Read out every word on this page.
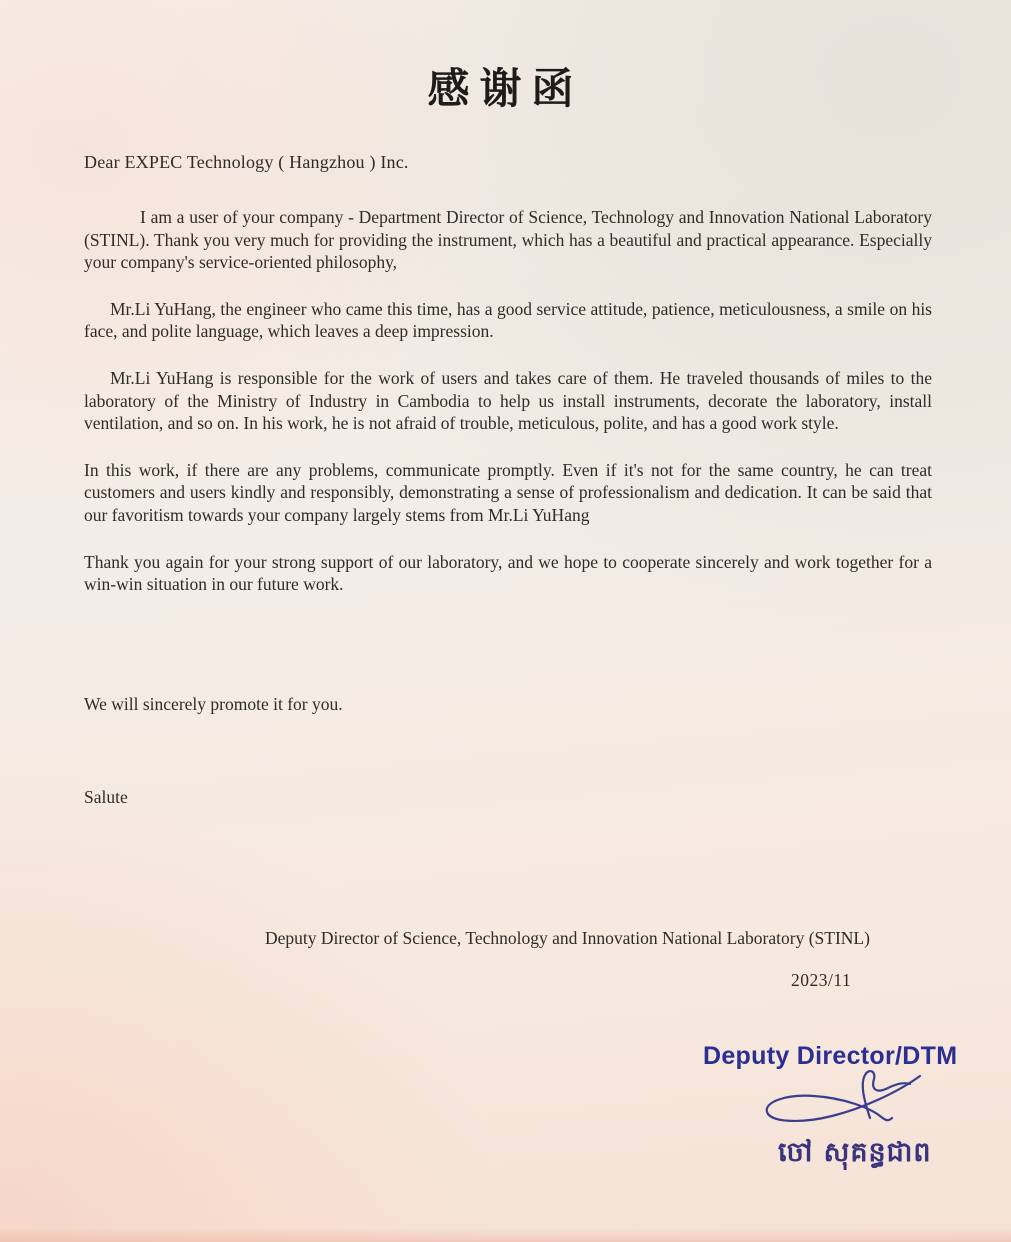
感谢函
Dear EXPEC Technology ( Hangzhou ) Inc.

I am a user of your company - Department Director of Science, Technology and Innovation National Laboratory (STINL). Thank you very much for providing the instrument, which has a beautiful and practical appearance. Especially your company's service-oriented philosophy,

Mr.Li YuHang, the engineer who came this time, has a good service attitude, patience, meticulousness, a smile on his face, and polite language, which leaves a deep impression.

Mr.Li YuHang is responsible for the work of users and takes care of them. He traveled thousands of miles to the laboratory of the Ministry of Industry in Cambodia to help us install instruments, decorate the laboratory, install ventilation, and so on. In his work, he is not afraid of trouble, meticulous, polite, and has a good work style.

In this work, if there are any problems, communicate promptly. Even if it's not for the same country, he can treat customers and users kindly and responsibly, demonstrating a sense of professionalism and dedication. It can be said that our favoritism towards your company largely stems from Mr.Li YuHang

Thank you again for your strong support of our laboratory, and we hope to cooperate sincerely and work together for a win-win situation in our future work.

We will sincerely promote it for you.
Salute
Deputy Director of Science, Technology and Innovation National Laboratory (STINL)
2023/11
Deputy Director/DTM
ចៅ សុគន្ធជាព
